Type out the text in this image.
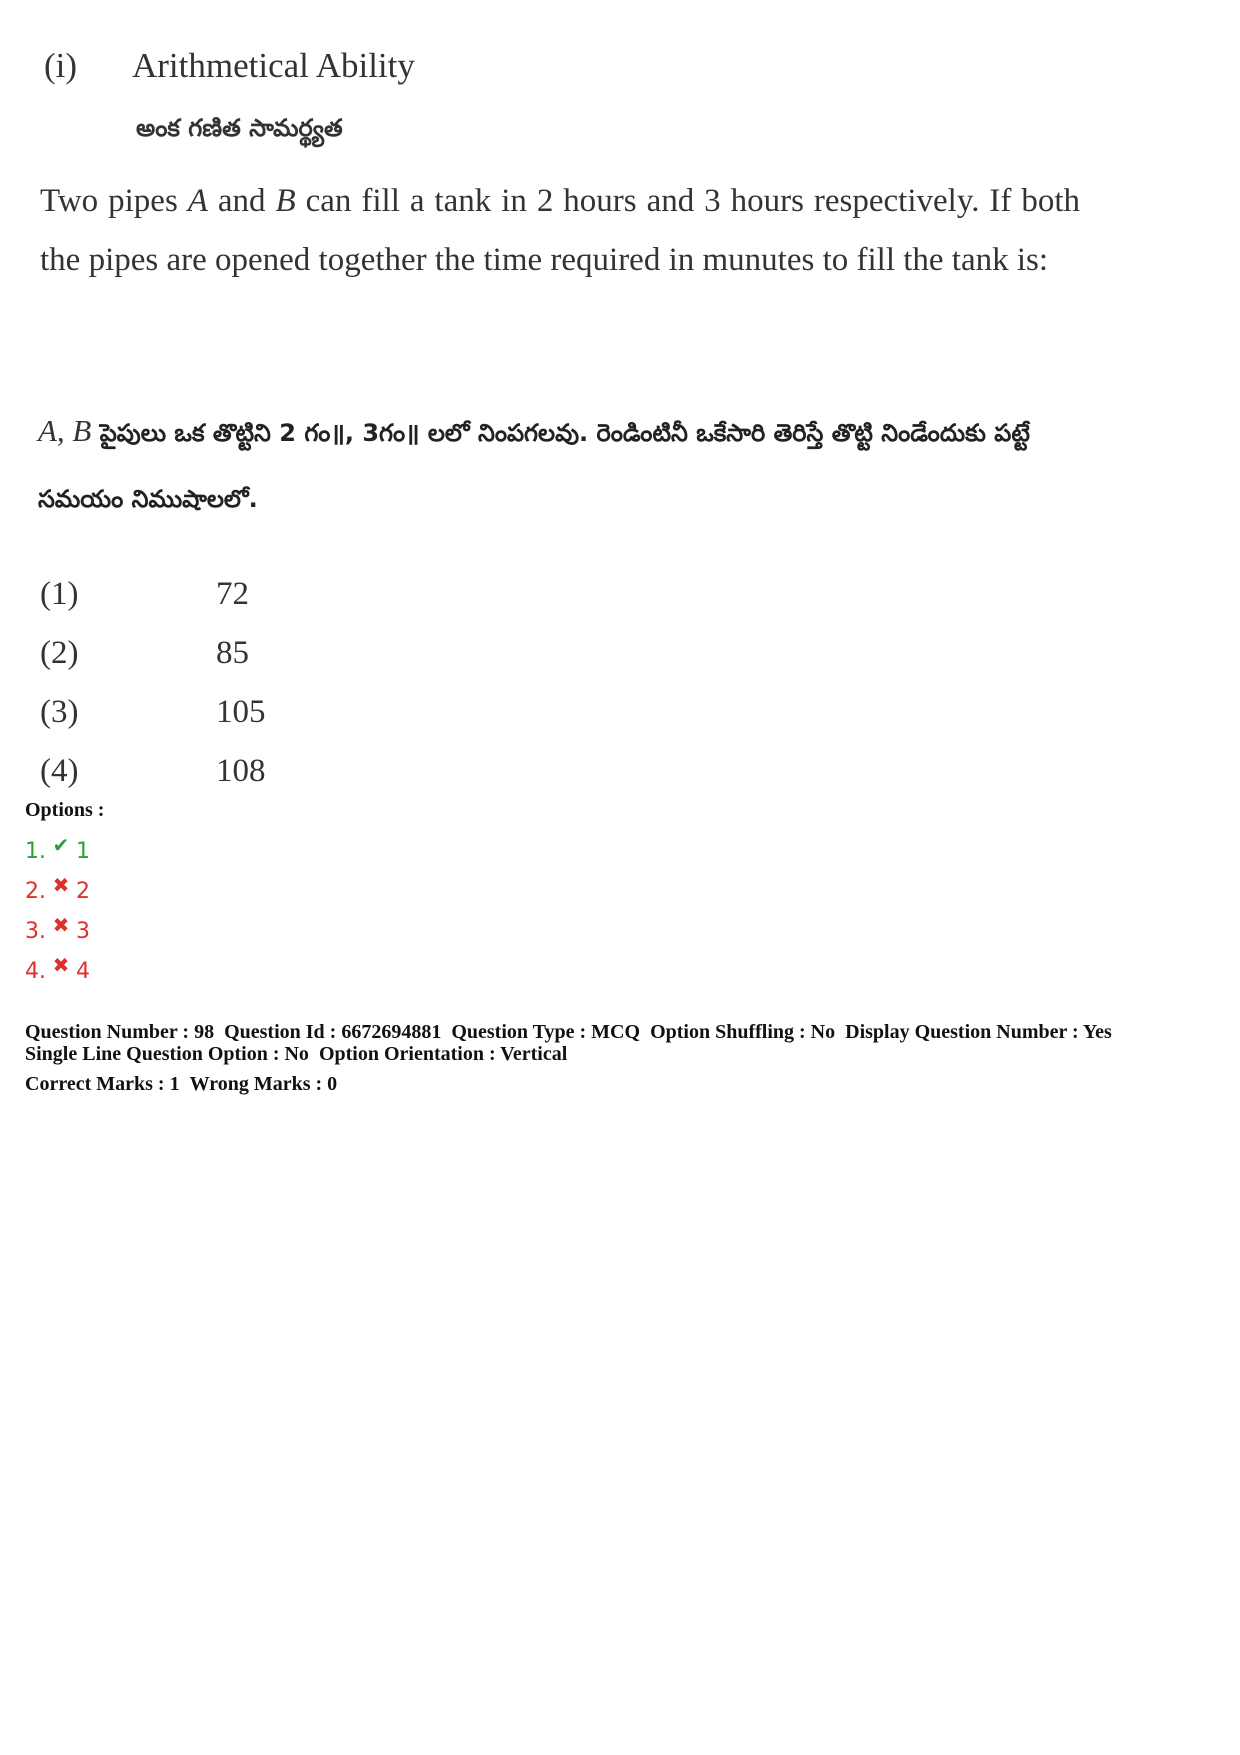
(i) Arithmetical Ability
అంక గణిత సామర్థ్యత
Two pipes A and B can fill a tank in 2 hours and 3 hours respectively. If both the pipes are opened together the time required in munutes to fill the tank is:
A, B పైపులు ఒక తొట్టిని 2 గం॥, 3గం॥ లలో నింపగలవు. రెండింటినీ ఒకేసారి తెరిస్తే తొట్టి నిండేందుకు పట్టే సమయం నిముషాలలో.
(1)	72
(2)	85
(3)	105
(4)	108
Options :
1. ✔ 1
2. ✖ 2
3. ✖ 3
4. ✖ 4
Question Number : 98 Question Id : 6672694881 Question Type : MCQ Option Shuffling : No Display Question Number : Yes
Single Line Question Option : No Option Orientation : Vertical
Correct Marks : 1 Wrong Marks : 0
